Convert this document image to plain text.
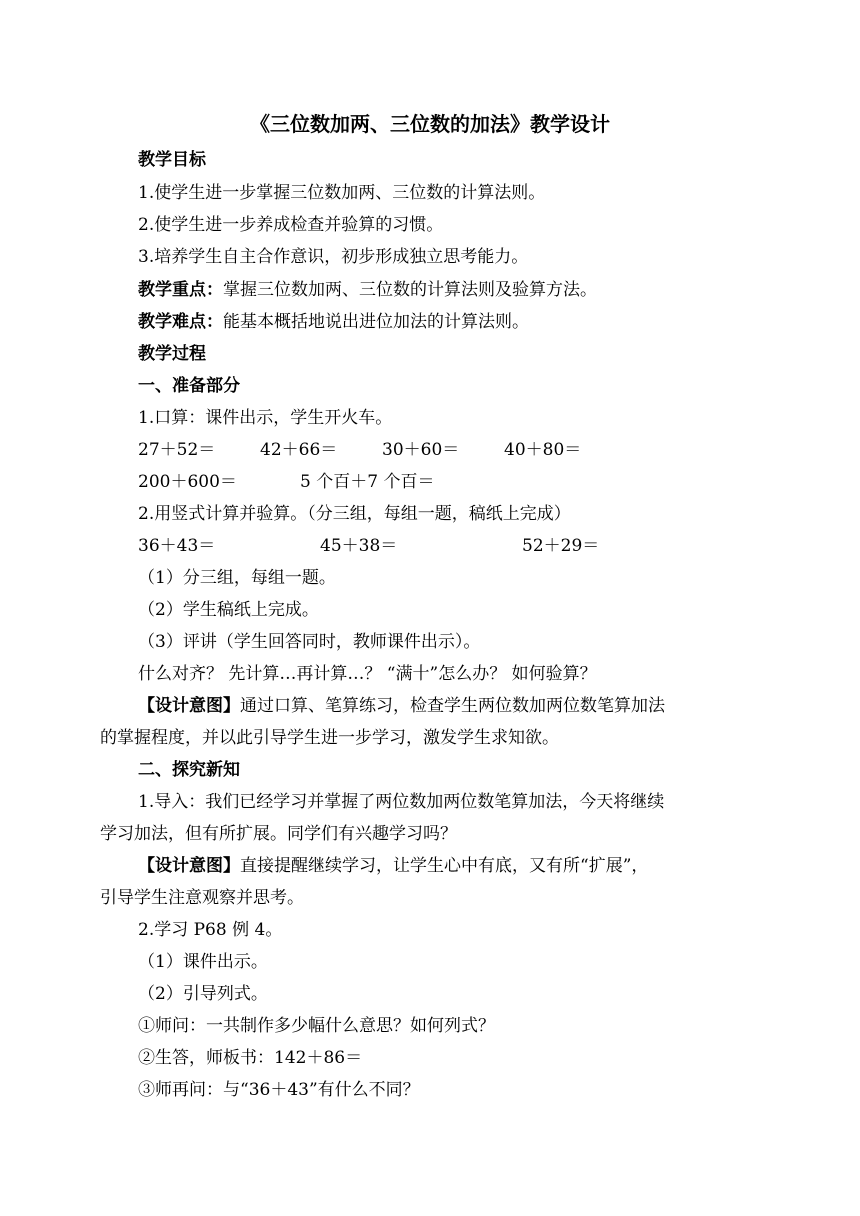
《三位数加两、三位数的加法》教学设计
教学目标
1.使学生进一步掌握三位数加两、三位数的计算法则。
2.使学生进一步养成检查并验算的习惯。
3.培养学生自主合作意识，初步形成独立思考能力。
教学重点：掌握三位数加两、三位数的计算法则及验算方法。
教学难点：能基本概括地说出进位加法的计算法则。
教学过程
一、准备部分
1.口算：课件出示，学生开火车。
27＋52＝	42＋66＝	30＋60＝	40＋80＝
200＋600＝	5 个百＋7 个百＝
2.用竖式计算并验算。（分三组，每组一题，稿纸上完成）
36＋43＝	45＋38＝	52＋29＝
（1）分三组，每组一题。
（2）学生稿纸上完成。
（3）评讲（学生回答同时，教师课件出示）。
什么对齐？ 先计算…再计算…？ “满十”怎么办？ 如何验算？
【设计意图】通过口算、笔算练习，检查学生两位数加两位数笔算加法
的掌握程度，并以此引导学生进一步学习，激发学生求知欲。
二、探究新知
1.导入：我们已经学习并掌握了两位数加两位数笔算加法，今天将继续
学习加法，但有所扩展。同学们有兴趣学习吗？
【设计意图】直接提醒继续学习，让学生心中有底，又有所“扩展”，
引导学生注意观察并思考。
2.学习 P68 例 4。
（1）课件出示。
（2）引导列式。
①师问：一共制作多少幅什么意思？如何列式？
②生答，师板书：142＋86＝
③师再问：与“36＋43”有什么不同？
